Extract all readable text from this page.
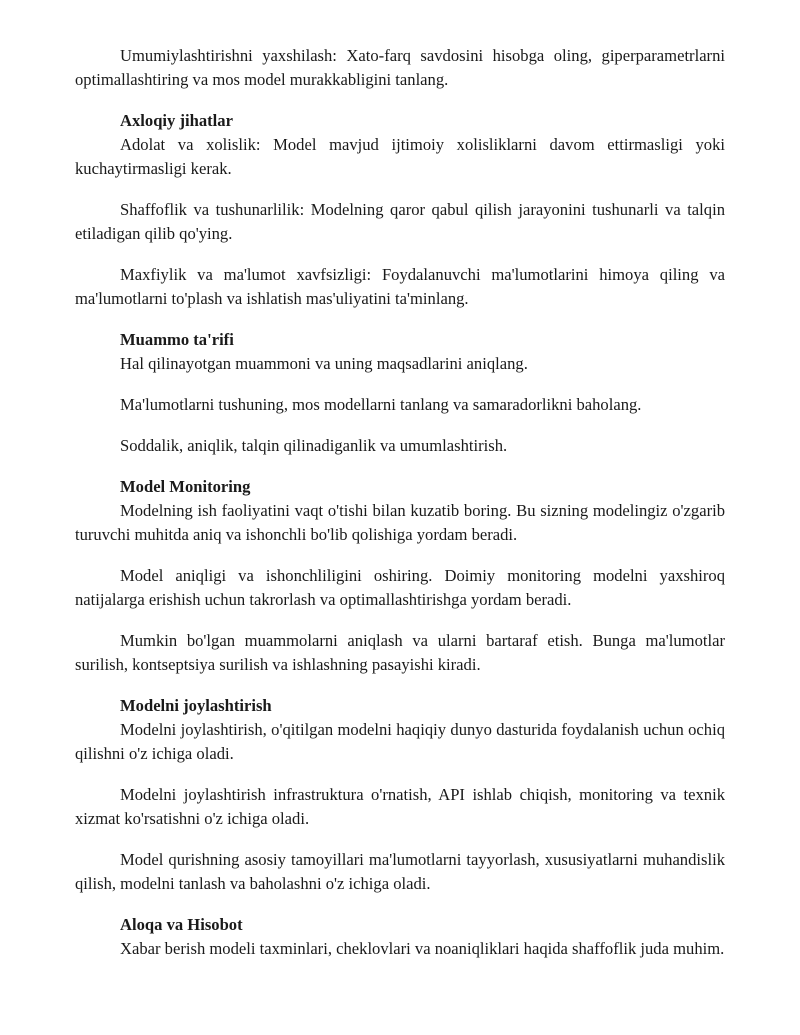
Umumiylashtirishni yaxshilash: Xato-farq savdosini hisobga oling, giperparametrlarni optimallashtiring va mos model murakkabligini tanlang.

Axloqiy jihatlar

Adolat va xolislik: Model mavjud ijtimoiy xolisliklarni davom ettirmasligi yoki kuchaytirmasligi kerak.

Shaffoflik va tushunarlilik: Modelning qaror qabul qilish jarayonini tushunarli va talqin etiladigan qilib qo'ying.

Maxfiylik va ma'lumot xavfsizligi: Foydalanuvchi ma'lumotlarini himoya qiling va ma'lumotlarni to'plash va ishlatish mas'uliyatini ta'minlang.

Muammo ta'rifi

Hal qilinayotgan muammoni va uning maqsadlarini aniqlang.

Ma'lumotlarni tushuning, mos modellarni tanlang va samaradorlikni baholang.

Soddalik, aniqlik, talqin qilinadiganlik va umumlashtirish.

Model Monitoring

Modelning ish faoliyatini vaqt o'tishi bilan kuzatib boring. Bu sizning modelingiz o'zgarib turuvchi muhitda aniq va ishonchli bo'lib qolishiga yordam beradi.

Model aniqligi va ishonchliligini oshiring. Doimiy monitoring modelni yaxshiroq natijalarga erishish uchun takrorlash va optimallashtirishga yordam beradi.

Mumkin bo'lgan muammolarni aniqlash va ularni bartaraf etish. Bunga ma'lumotlar surilish, kontseptsiya surilish va ishlashning pasayishi kiradi.

Modelni joylashtirish

Modelni joylashtirish, o'qitilgan modelni haqiqiy dunyo dasturida foydalanish uchun ochiq qilishni o'z ichiga oladi.

Modelni joylashtirish infrastruktura o'rnatish, API ishlab chiqish, monitoring va texnik xizmat ko'rsatishni o'z ichiga oladi.

Model qurishning asosiy tamoyillari ma'lumotlarni tayyorlash, xususiyatlarni muhandislik qilish, modelni tanlash va baholashni o'z ichiga oladi.

Aloqa va Hisobot

Xabar berish modeli taxminlari, cheklovlari va noaniqliklari haqida shaffoflik juda muhim.
